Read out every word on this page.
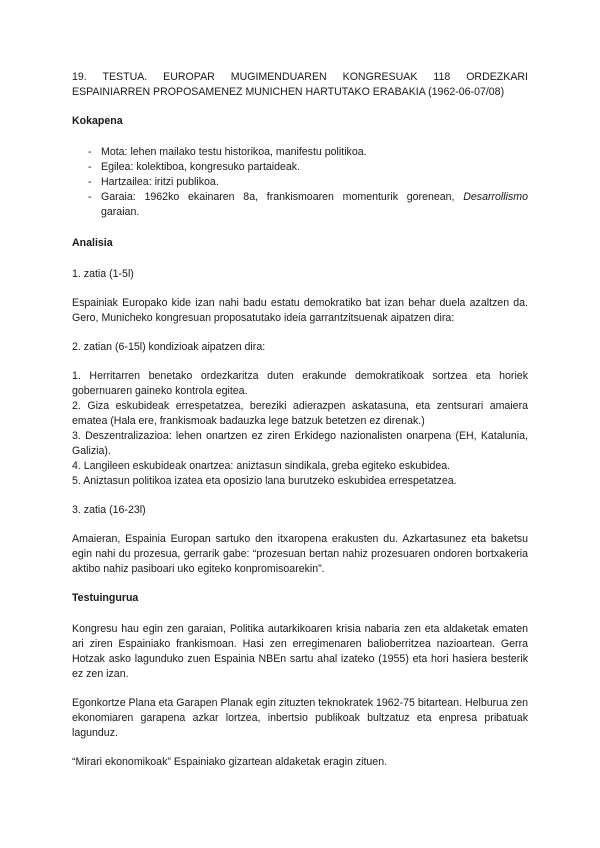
19. TESTUA. EUROPAR MUGIMENDUAREN KONGRESUAK 118 ORDEZKARI ESPAINIARREN PROPOSAMENEZ MUNICHEN HARTUTAKO ERABAKIA (1962-06-07/08)

Kokapena

- Mota: lehen mailako testu historikoa, manifestu politikoa.
- Egilea: kolektiboa, kongresuko partaideak.
- Hartzailea: iritzi publikoa.
- Garaia: 1962ko ekainaren 8a, frankismoaren momenturik gorenean, Desarrollismo garaian.

Analisia

1. zatia (1-5l)

Espainiak Europako kide izan nahi badu estatu demokratiko bat izan behar duela azaltzen da. Gero, Municheko kongresuan proposatutako ideia garrantzitsuenak aipatzen dira:

2. zatian (6-15l) kondizioak aipatzen dira:

1. Herritarren benetako ordezkaritza duten erakunde demokratikoak sortzea eta horiek gobernuaren gaineko kontrola egitea.

2. Giza eskubideak errespetatzea, bereziki adierazpen askatasuna, eta zentsurari amaiera ematea (Hala ere, frankismoak badauzka lege batzuk betetzen ez direnak.)

3. Deszentralizazioa: lehen onartzen ez ziren Erkidego nazionalisten onarpena (EH, Katalunia, Galizia).

4. Langileen eskubideak onartzea: aniztasun sindikala, greba egiteko eskubidea.

5. Aniztasun politikoa izatea eta oposizio lana burutzeko eskubidea errespetatzea.

3. zatia (16-23l)

Amaieran, Espainia Europan sartuko den itxaropena erakusten du. Azkartasunez eta baketsu egin nahi du prozesua, gerrarik gabe: “prozesuan bertan nahiz prozesuaren ondoren bortxakeria aktibo nahiz pasiboari uko egiteko konpromisoarekin”.

Testuingurua

Kongresu hau egin zen garaian, Politika autarkikoaren krisia nabaria zen eta aldaketak ematen ari ziren Espainiako frankismoan. Hasi zen erregimenaren balioberritzea nazioartean. Gerra Hotzak asko lagunduko zuen Espainia NBEn sartu ahal izateko (1955) eta hori hasiera besterik ez zen izan.

Egonkortze Plana eta Garapen Planak egin zituzten teknokratek 1962-75 bitartean. Helburua zen ekonomiaren garapena azkar lortzea, inbertsio publikoak bultzatuz eta enpresa pribatuak lagunduz.

“Mirari ekonomikoak” Espainiako gizartean aldaketak eragin zituen.
